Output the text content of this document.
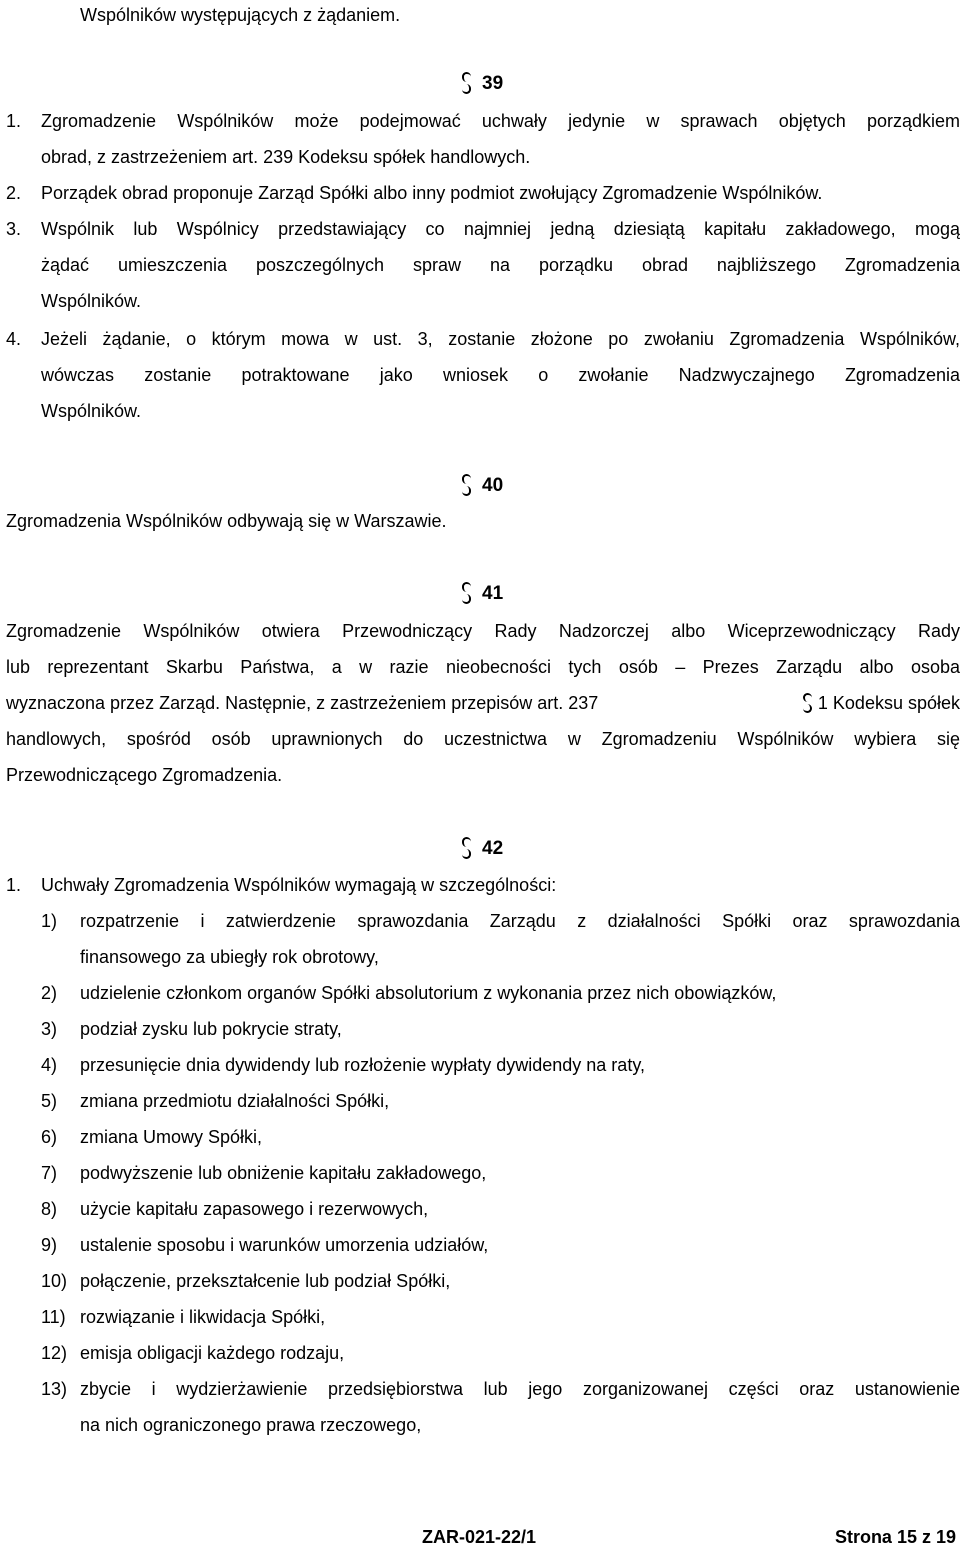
Wspólników występujących z żądaniem.
39
1. Zgromadzenie Wspólników może podejmować uchwały jedynie w sprawach objętych porządkiem
obrad, z zastrzeżeniem art. 239 Kodeksu spółek handlowych.
2. Porządek obrad proponuje Zarząd Spółki albo inny podmiot zwołujący Zgromadzenie Wspólników.
3. Wspólnik lub Wspólnicy przedstawiający co najmniej jedną dziesiątą kapitału zakładowego, mogą
żądać umieszczenia poszczególnych spraw na porządku obrad najbliższego Zgromadzenia
Wspólników.
4. Jeżeli żądanie, o którym mowa w ust. 3, zostanie złożone po zwołaniu Zgromadzenia Wspólników,
wówczas zostanie potraktowane jako wniosek o zwołanie Nadzwyczajnego Zgromadzenia
Wspólników.
40
Zgromadzenia Wspólników odbywają się w Warszawie.
41
Zgromadzenie Wspólników otwiera Przewodniczący Rady Nadzorczej albo Wiceprzewodniczący Rady
lub reprezentant Skarbu Państwa, a w razie nieobecności tych osób – Prezes Zarządu albo osoba
wyznaczona przez Zarząd. Następnie, z zastrzeżeniem przepisów art. 237	1 Kodeksu spółek
handlowych, spośród osób uprawnionych do uczestnictwa w Zgromadzeniu Wspólników wybiera się
Przewodniczącego Zgromadzenia.
42
1. Uchwały Zgromadzenia Wspólników wymagają w szczególności:
1) rozpatrzenie i zatwierdzenie sprawozdania Zarządu z działalności Spółki oraz sprawozdania
finansowego za ubiegły rok obrotowy,
2) udzielenie członkom organów Spółki absolutorium z wykonania przez nich obowiązków,
3) podział zysku lub pokrycie straty,
4) przesunięcie dnia dywidendy lub rozłożenie wypłaty dywidendy na raty,
5) zmiana przedmiotu działalności Spółki,
6) zmiana Umowy Spółki,
7) podwyższenie lub obniżenie kapitału zakładowego,
8) użycie kapitału zapasowego i rezerwowych,
9) ustalenie sposobu i warunków umorzenia udziałów,
10) połączenie, przekształcenie lub podział Spółki,
11) rozwiązanie i likwidacja Spółki,
12) emisja obligacji każdego rodzaju,
13) zbycie i wydzierżawienie przedsiębiorstwa lub jego zorganizowanej części oraz ustanowienie
na nich ograniczonego prawa rzeczowego,
ZAR-021-22/1	Strona 15 z 19
